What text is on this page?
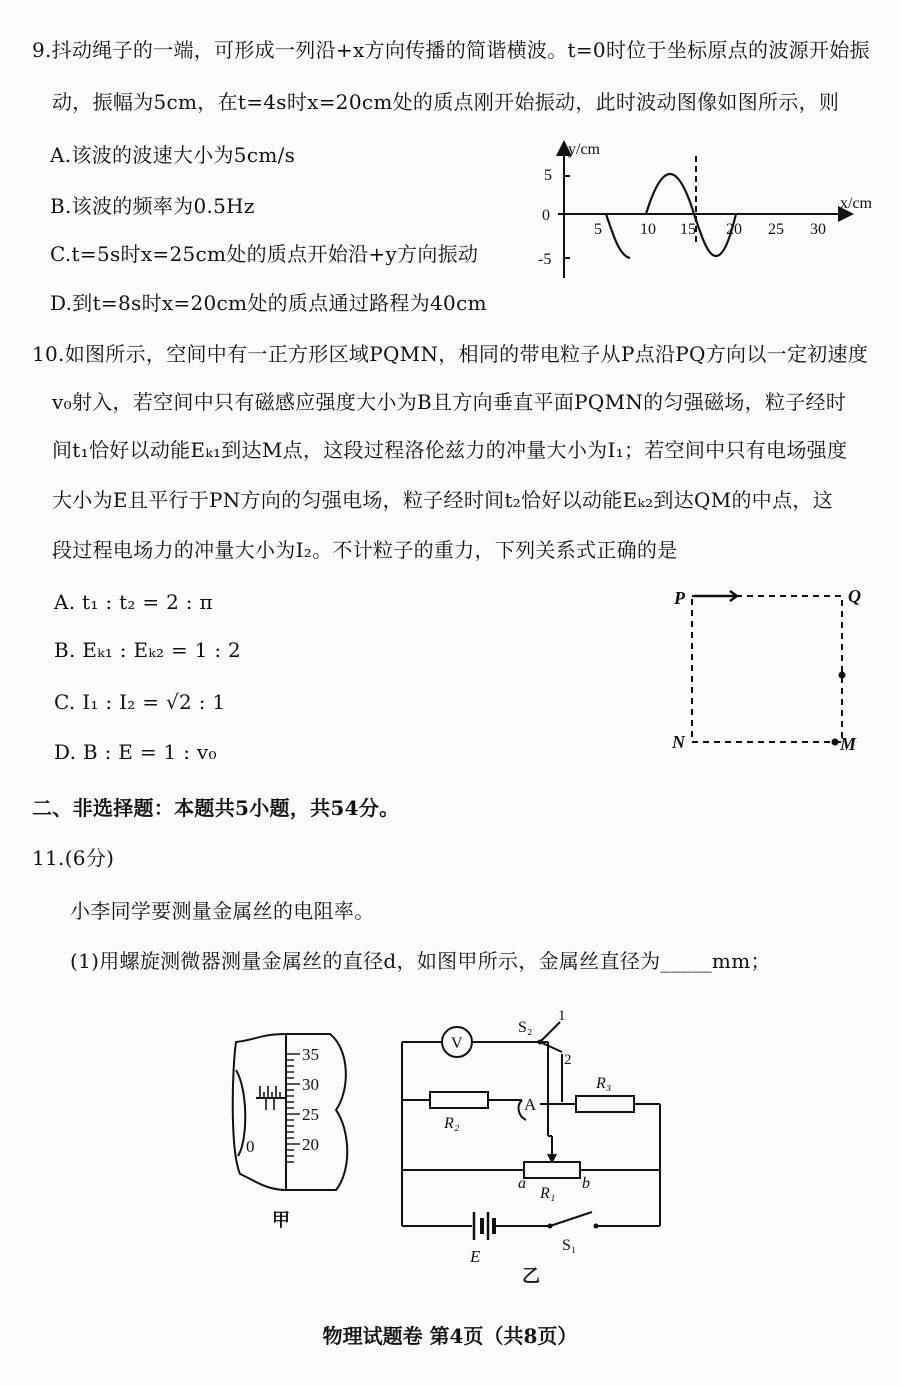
9.抖动绳子的一端，可形成一列沿+x方向传播的简谐横波。t=0时位于坐标原点的波源开始振
动，振幅为5cm，在t=4s时x=20cm处的质点刚开始振动，此时波动图像如图所示，则
A.该波的波速大小为5cm/s
B.该波的频率为0.5Hz
C.t=5s时x=25cm处的质点开始沿+y方向振动
D.到t=8s时x=20cm处的质点通过路程为40cm
y/cm
x/cm
5
0
-5
5 10 15 20 25 30
10.如图所示，空间中有一正方形区域PQMN，相同的带电粒子从P点沿PQ方向以一定初速度
v₀射入，若空间中只有磁感应强度大小为B且方向垂直平面PQMN的匀强磁场，粒子经时
间t₁恰好以动能Eₖ₁到达M点，这段过程洛伦兹力的冲量大小为I₁；若空间中只有电场强度
大小为E且平行于PN方向的匀强电场，粒子经时间t₂恰好以动能Eₖ₂到达QM的中点，这
段过程电场力的冲量大小为I₂。不计粒子的重力，下列关系式正确的是
A. t₁ : t₂ = 2 : π
B. Eₖ₁ : Eₖ₂ = 1 : 2
C. I₁ : I₂ = √2 : 1
D. B : E = 1 : v₀
P	Q
N	M
二、非选择题：本题共5小题，共54分。
11.(6分)
小李同学要测量金属丝的电阻率。
(1)用螺旋测微器测量金属丝的直径d，如图甲所示，金属丝直径为_____mm；
35
30
25
20
0
甲
V
S₂
1
2
R₃
R₂
A
R₁
a	b
E
S₁
乙
物理试题卷 第4页（共8页）
